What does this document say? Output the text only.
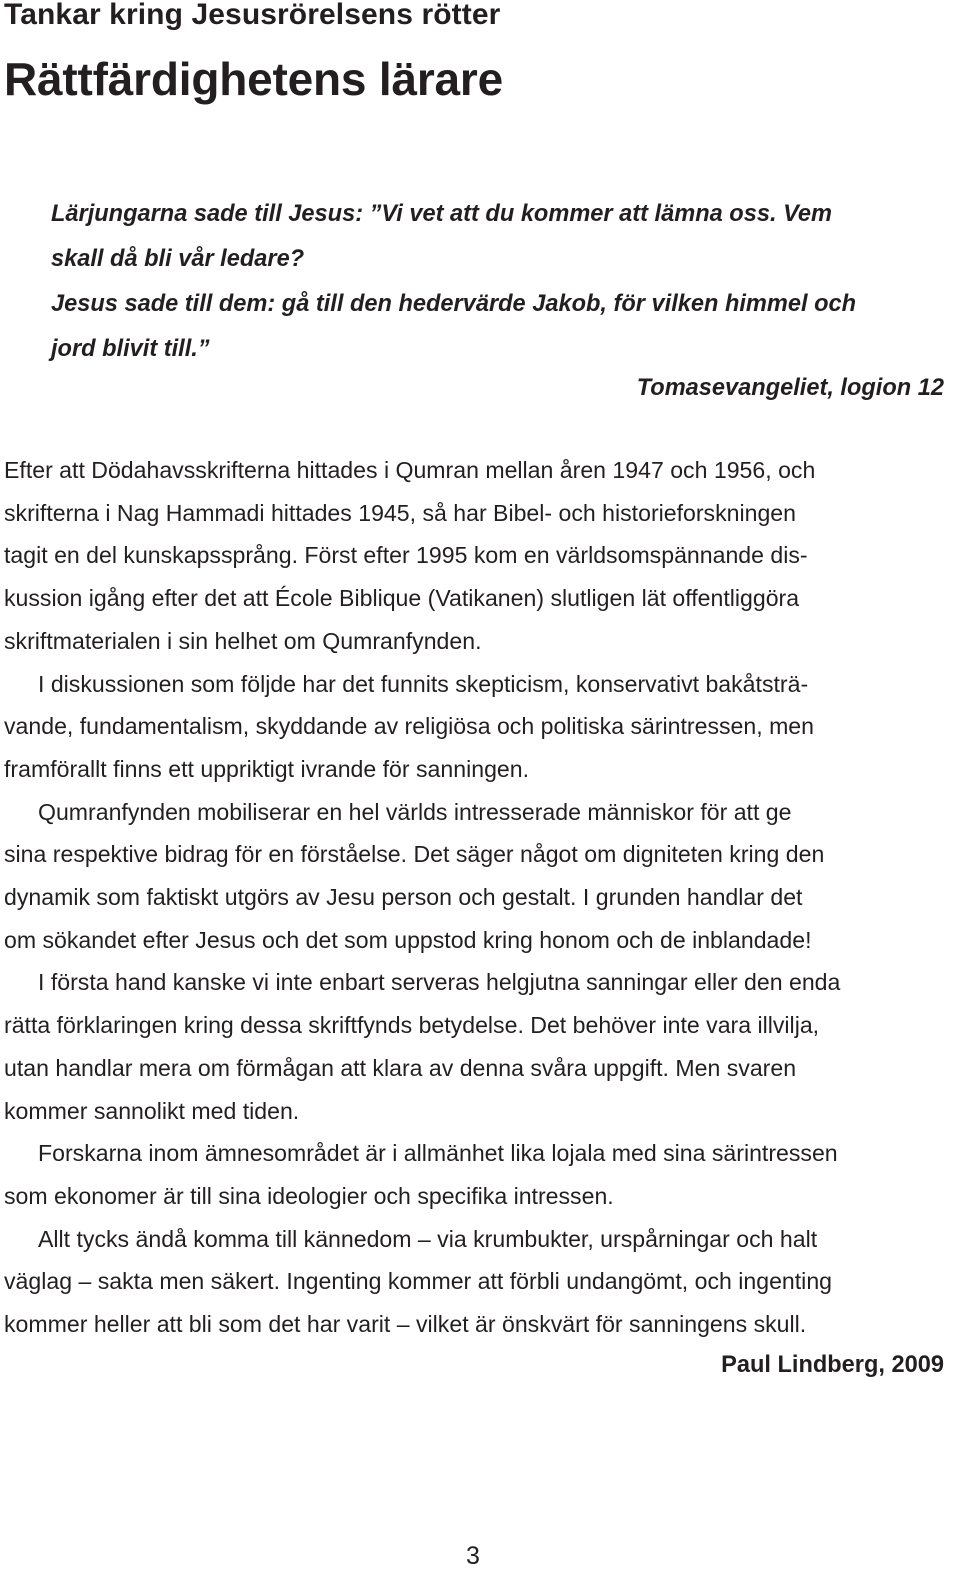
Tankar kring Jesusrörelsens rötter
Rättfärdighetens lärare
Lärjungarna sade till Jesus: ”Vi vet att du kommer att lämna oss. Vem
skall då bli vår ledare?
Jesus sade till dem: gå till den hedervärde Jakob, för vilken himmel och
jord blivit till.”
Tomasevangeliet, logion 12
Efter att Dödahavsskrifterna hittades i Qumran mellan åren 1947 och 1956, och
skrifterna i Nag Hammadi hittades 1945, så har Bibel- och historieforskningen
tagit en del kunskapssprång. Först efter 1995 kom en världsomspännande dis-
kussion igång efter det att École Biblique (Vatikanen) slutligen lät offentliggöra
skriftmaterialen i sin helhet om Qumranfynden.
I diskussionen som följde har det funnits skepticism, konservativt bakåtsträ-
vande, fundamentalism, skyddande av religiösa och politiska särintressen, men
framförallt finns ett uppriktigt ivrande för sanningen.
Qumranfynden mobiliserar en hel världs intresserade människor för att ge
sina respektive bidrag för en förståelse. Det säger något om digniteten kring den
dynamik som faktiskt utgörs av Jesu person och gestalt. I grunden handlar det
om sökandet efter Jesus och det som uppstod kring honom och de inblandade!
I första hand kanske vi inte enbart serveras helgjutna sanningar eller den enda
rätta förklaringen kring dessa skriftfynds betydelse. Det behöver inte vara illvilja,
utan handlar mera om förmågan att klara av denna svåra uppgift. Men svaren
kommer sannolikt med tiden.
Forskarna inom ämnesområdet är i allmänhet lika lojala med sina särintressen
som ekonomer är till sina ideologier och specifika intressen.
Allt tycks ändå komma till kännedom – via krumbukter, urspårningar och halt
väglag – sakta men säkert. Ingenting kommer att förbli undangömt, och ingenting
kommer heller att bli som det har varit – vilket är önskvärt för sanningens skull.
Paul Lindberg, 2009
3
